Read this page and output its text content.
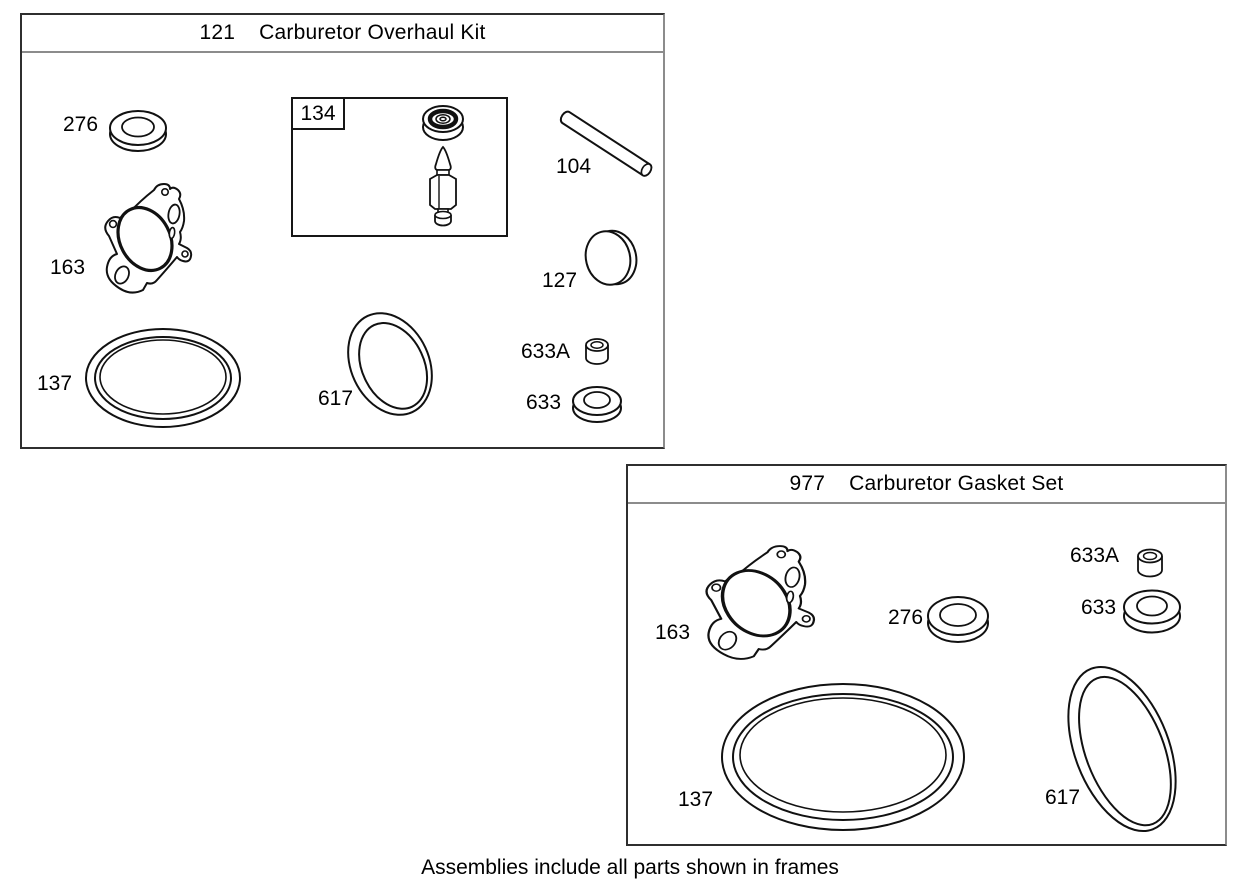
121 Carburetor Overhaul Kit
134
276
163
137
617
104
127
633A
633
977 Carburetor Gasket Set
163
276
633A
633
137	617
Assemblies include all parts shown in frames
